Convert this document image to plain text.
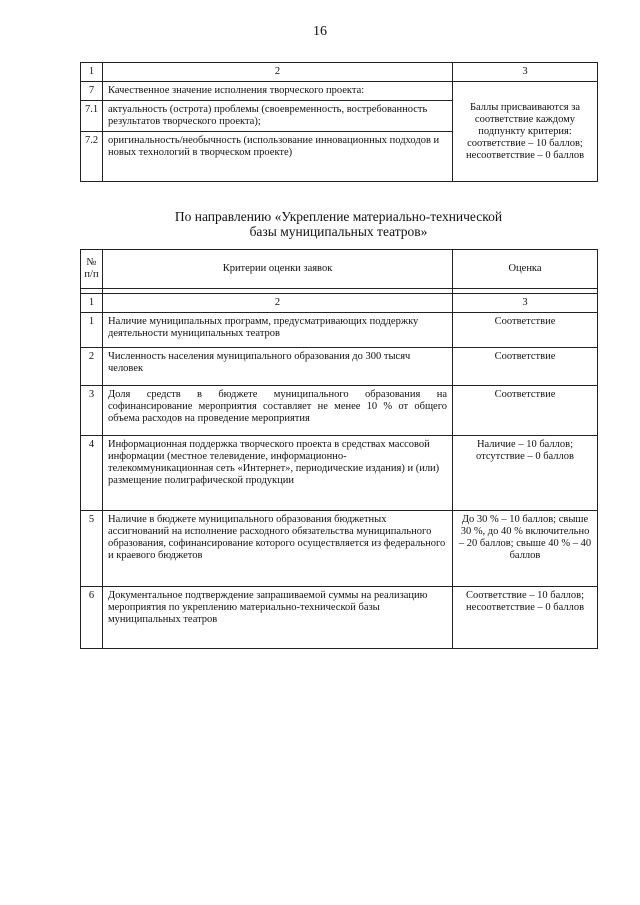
16
1	2	3
7	Качественное значение исполнения творческого проекта:	Баллы присваиваются за соответствие каждому подпункту критерия: соответствие – 10 баллов; несоответствие – 0 баллов
7.1	актуальность (острота) проблемы (своевременность, востребованность результатов творческого проекта);	
7.2	оригинальность/необычность (использование инновационных подходов и новых технологий в творческом проекте)	
По направлению «Укрепление материально-технической
базы муниципальных театров»
№ п/п	Критерии оценки заявок	Оценка

1	2	3
1	Наличие муниципальных программ, предусматривающих поддержку деятельности муниципальных театров	Соответствие
2	Численность населения муниципального образования до 300 тысяч человек	Соответствие
3	Доля средств в бюджете муниципального образования на софинансирование мероприятия составляет не менее 10 % от общего объема расходов на проведение мероприятия	Соответствие
4	Информационная поддержка творческого проекта в средствах массовой информации (местное телевидение, информационно-телекоммуникационная сеть «Интернет», периодические издания) и (или) размещение полиграфической продукции	Наличие – 10 баллов; отсутствие – 0 баллов
5	Наличие в бюджете муниципального образования бюджетных ассигнований на исполнение расходного обязательства муниципального образования, софинансирование которого осуществляется из федерального и краевого бюджетов	До 30 % – 10 баллов; свыше 30 %, до 40 % включительно – 20 баллов; свыше 40 % – 40 баллов
6	Документальное подтверждение запрашиваемой суммы на реализацию мероприятия по укреплению материально-технической базы муниципальных театров	Соответствие – 10 баллов; несоответствие – 0 баллов
